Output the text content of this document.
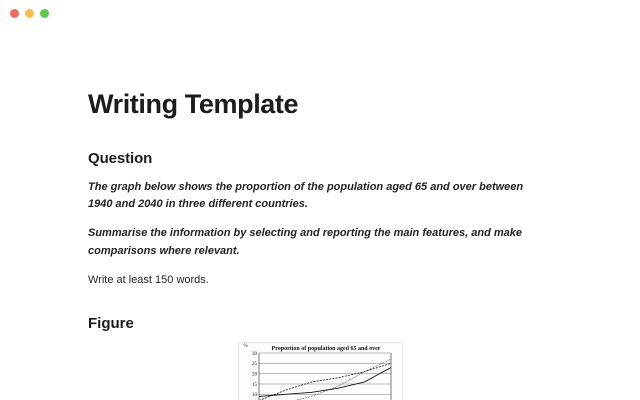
Writing Template
Question

The graph below shows the proportion of the population aged 65 and over between 1940 and 2040 in three different countries.

Summarise the information by selecting and reporting the main features, and make comparisons where relevant.

Write at least 150 words.

Figure
%	Proportion of population aged 65 and over
10
15
20
25
30
